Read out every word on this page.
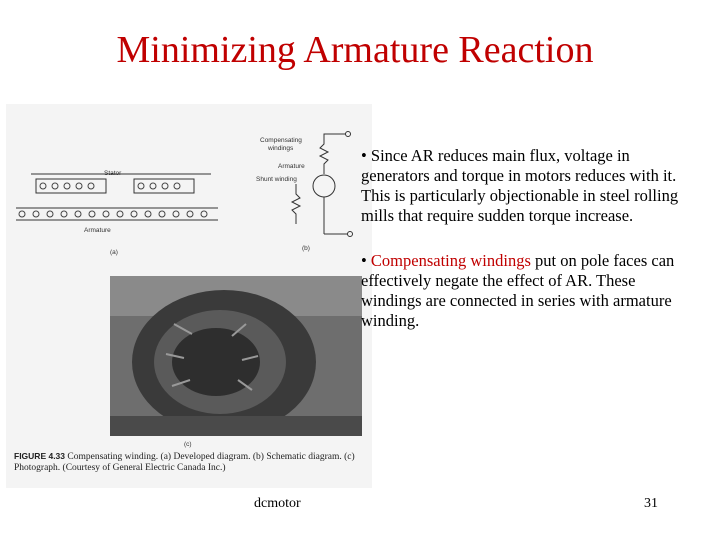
Minimizing Armature Reaction
Stator
Armature
(a)
Compensating
windings
Armature
Shunt winding
(b)
(c)
FIGURE 4.33 Compensating winding. (a) Developed diagram. (b) Schematic diagram. (c) Photograph. (Courtesy of General Electric Canada Inc.)
• Since AR reduces main flux, voltage in generators and torque in motors reduces with it. This is particularly objectionable in steel rolling mills that require sudden torque increase.
• Compensating windings put on pole faces can effectively negate the effect of AR. These windings are connected in series with armature winding.
dcmotor	31
